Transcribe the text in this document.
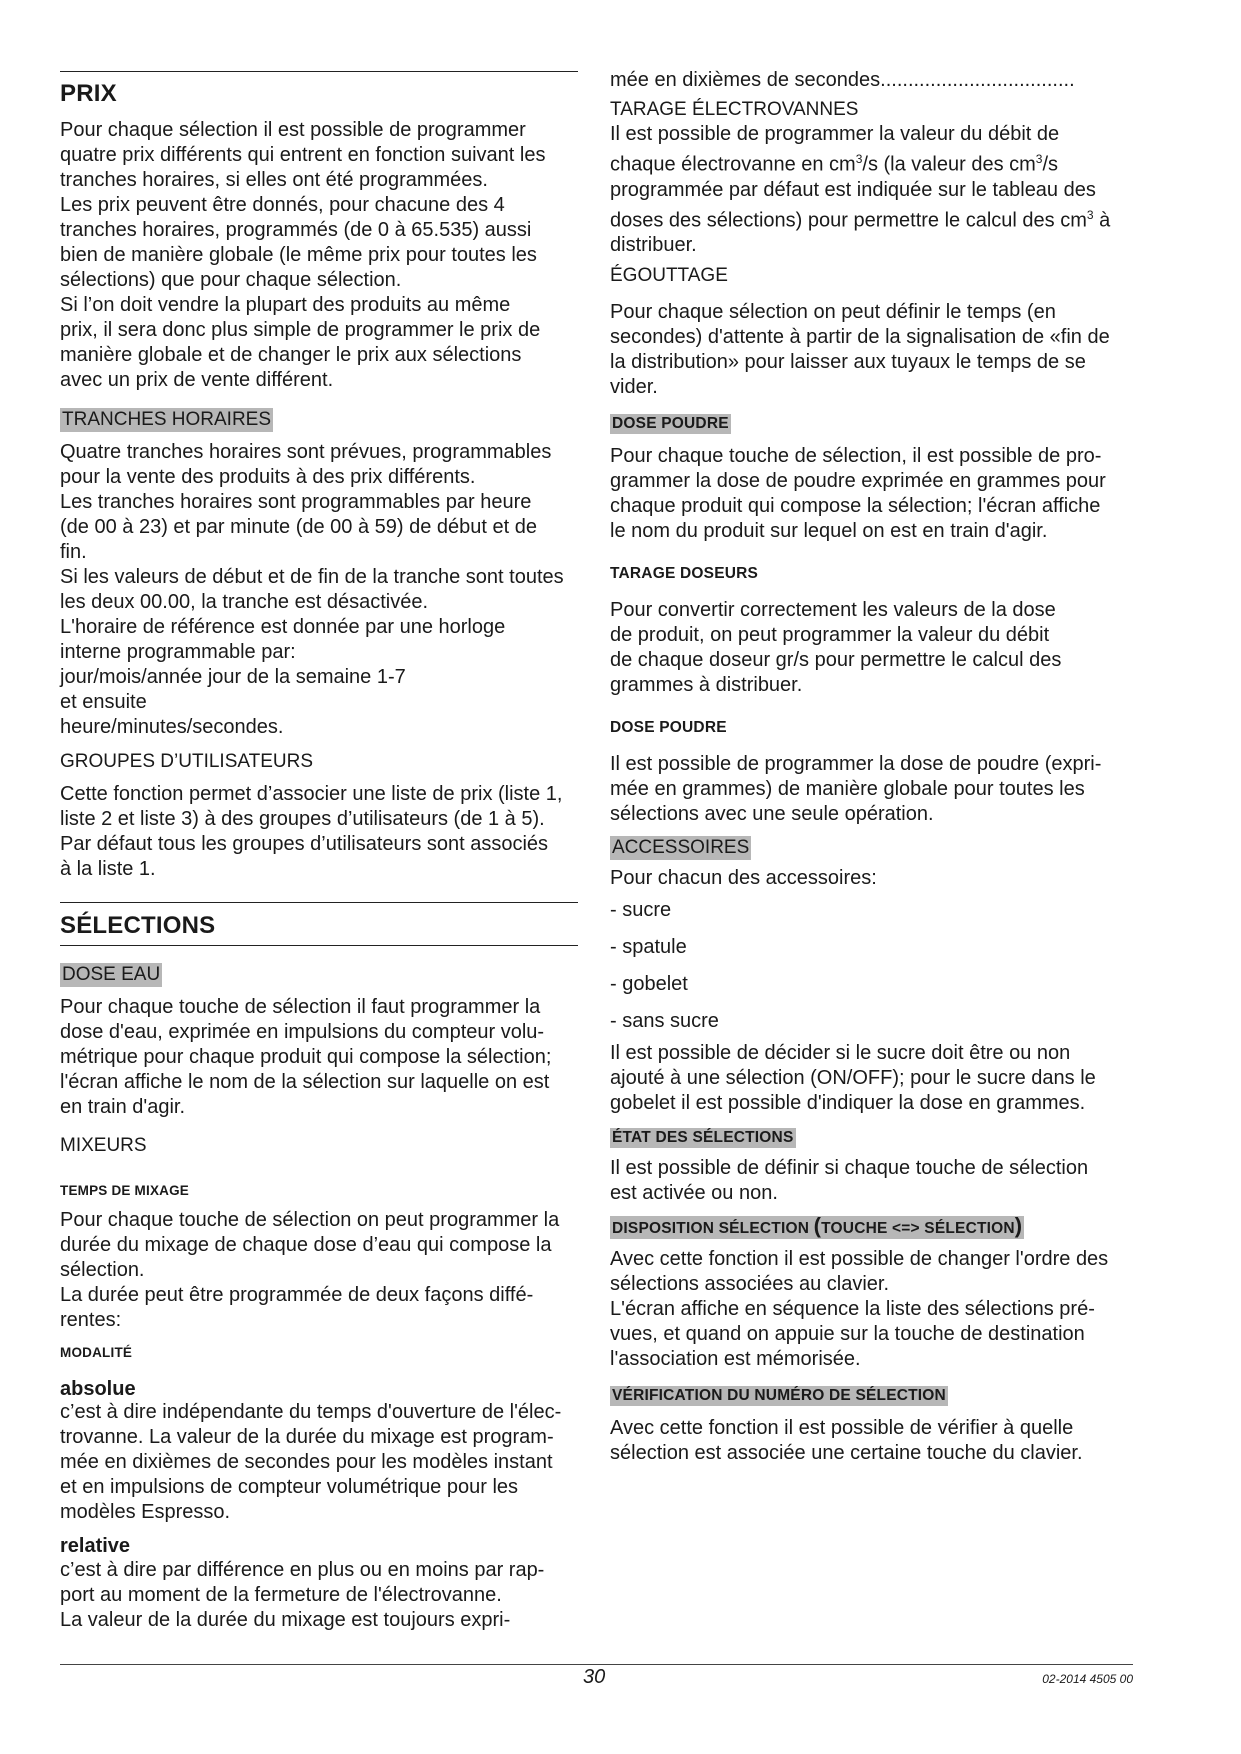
PRIX

Pour chaque sélection il est possible de programmer
quatre prix différents qui entrent en fonction suivant les
tranches horaires, si elles ont été programmées.
Les prix peuvent être donnés, pour chacune des 4
tranches horaires, programmés (de 0 à 65.535) aussi
bien de manière globale (le même prix pour toutes les
sélections) que pour chaque sélection.
Si l’on doit vendre la plupart des produits au même
prix, il sera donc plus simple de programmer le prix de
manière globale et de changer le prix aux sélections
avec un prix de vente différent.

TRANCHES HORAIRES

Quatre tranches horaires sont prévues, programmables
pour la vente des produits à des prix différents.
Les tranches horaires sont programmables par heure
(de 00 à 23) et par minute (de 00 à 59) de début et de
fin.
Si les valeurs de début et de fin de la tranche sont toutes
les deux 00.00, la tranche est désactivée.
L'horaire de référence est donnée par une horloge
interne programmable par:
jour/mois/année jour de la semaine 1-7
et ensuite
heure/minutes/secondes.

GROUPES D’UTILISATEURS

Cette fonction permet d’associer une liste de prix (liste 1,
liste 2 et liste 3) à des groupes d’utilisateurs (de 1 à 5).
Par défaut tous les groupes d’utilisateurs sont associés
à la liste 1.

SÉLECTIONS

DOSE EAU

Pour chaque touche de sélection il faut programmer la
dose d'eau, exprimée en impulsions du compteur volu-
métrique pour chaque produit qui compose la sélection;
l'écran affiche le nom de la sélection sur laquelle on est
en train d'agir.

MIXEURS

TEMPS DE MIXAGE

Pour chaque touche de sélection on peut programmer la
durée du mixage de chaque dose d’eau qui compose la
sélection.
La durée peut être programmée de deux façons diffé-
rentes:

MODALITÉ

absolue

c’est à dire indépendante du temps d'ouverture de l'élec-
trovanne. La valeur de la durée du mixage est program-
mée en dixièmes de secondes pour les modèles instant
et en impulsions de compteur volumétrique pour les
modèles Espresso.

relative

c’est à dire par différence en plus ou en moins par rap-
port au moment de la fermeture de l'électrovanne.
La valeur de la durée du mixage est toujours expri-

mée en dixièmes de secondes...................................

TARAGE ÉLECTROVANNES

Il est possible de programmer la valeur du débit de
chaque électrovanne en $cm^3/s$ (la valeur des $cm^3/s$
programmée par défaut est indiquée sur le tableau des
doses des sélections) pour permettre le calcul des $cm^3$ à
distribuer.

ÉGOUTTAGE

Pour chaque sélection on peut définir le temps (en
secondes) d'attente à partir de la signalisation de «fin de
la distribution» pour laisser aux tuyaux le temps de se
vider.

DOSE POUDRE

Pour chaque touche de sélection, il est possible de pro-
grammer la dose de poudre exprimée en grammes pour
chaque produit qui compose la sélection; l'écran affiche
le nom du produit sur lequel on est en train d'agir.

TARAGE DOSEURS

Pour convertir correctement les valeurs de la dose
de produit, on peut programmer la valeur du débit
de chaque doseur gr/s pour permettre le calcul des
grammes à distribuer.

DOSE POUDRE

Il est possible de programmer la dose de poudre (expri-
mée en grammes) de manière globale pour toutes les
sélections avec une seule opération.

ACCESSOIRES

Pour chacun des accessoires:

- sucre

- spatule

- gobelet

- sans sucre

Il est possible de décider si le sucre doit être ou non
ajouté à une sélection (ON/OFF); pour le sucre dans le
gobelet il est possible d'indiquer la dose en grammes.

ÉTAT DES SÉLECTIONS

Il est possible de définir si chaque touche de sélection
est activée ou non.

DISPOSITION SÉLECTION (TOUCHE <=> SÉLECTION)

Avec cette fonction il est possible de changer l'ordre des
sélections associées au clavier.
L'écran affiche en séquence la liste des sélections pré-
vues, et quand on appuie sur la touche de destination
l'association est mémorisée.

VÉRIFICATION DU NUMÉRO DE SÉLECTION

Avec cette fonction il est possible de vérifier à quelle
sélection est associée une certaine touche du clavier.

30	02-2014 4505 00
